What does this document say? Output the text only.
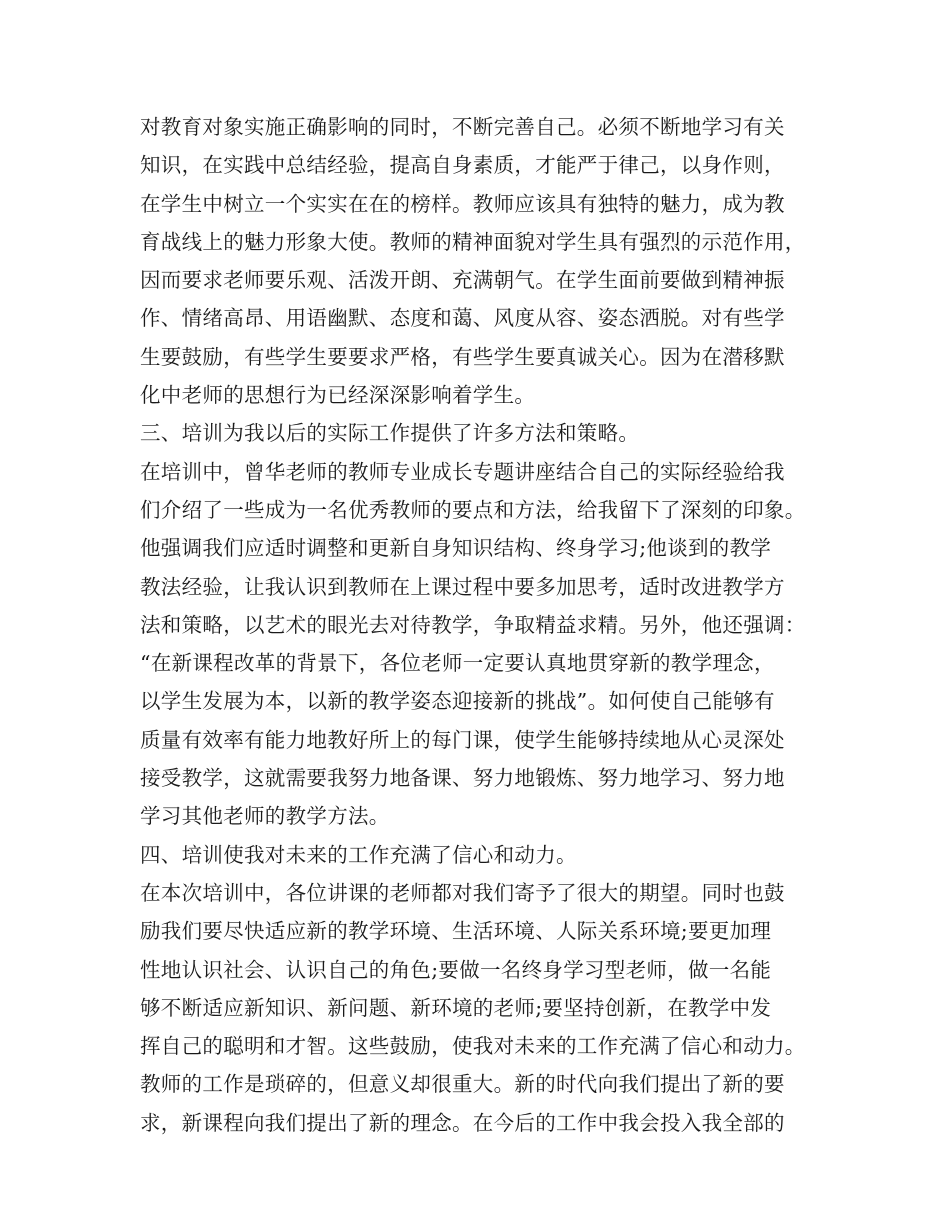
对教育对象实施正确影响的同时，不断完善自己。必须不断地学习有关
知识，在实践中总结经验，提高自身素质，才能严于律己，以身作则，
在学生中树立一个实实在在的榜样。教师应该具有独特的魅力，成为教
育战线上的魅力形象大使。教师的精神面貌对学生具有强烈的示范作用，
因而要求老师要乐观、活泼开朗、充满朝气。在学生面前要做到精神振
作、情绪高昂、用语幽默、态度和蔼、风度从容、姿态洒脱。对有些学
生要鼓励，有些学生要要求严格，有些学生要真诚关心。因为在潜移默
化中老师的思想行为已经深深影响着学生。
三、培训为我以后的实际工作提供了许多方法和策略。
在培训中，曾华老师的教师专业成长专题讲座结合自己的实际经验给我
们介绍了一些成为一名优秀教师的要点和方法，给我留下了深刻的印象。
他强调我们应适时调整和更新自身知识结构、终身学习;他谈到的教学
教法经验，让我认识到教师在上课过程中要多加思考，适时改进教学方
法和策略，以艺术的眼光去对待教学，争取精益求精。另外，他还强调：
“在新课程改革的背景下，各位老师一定要认真地贯穿新的教学理念，
以学生发展为本，以新的教学姿态迎接新的挑战”。如何使自己能够有
质量有效率有能力地教好所上的每门课，使学生能够持续地从心灵深处
接受教学，这就需要我努力地备课、努力地锻炼、努力地学习、努力地
学习其他老师的教学方法。
四、培训使我对未来的工作充满了信心和动力。
在本次培训中，各位讲课的老师都对我们寄予了很大的期望。同时也鼓
励我们要尽快适应新的教学环境、生活环境、人际关系环境;要更加理
性地认识社会、认识自己的角色;要做一名终身学习型老师，做一名能
够不断适应新知识、新问题、新环境的老师;要坚持创新，在教学中发
挥自己的聪明和才智。这些鼓励，使我对未来的工作充满了信心和动力。
教师的工作是琐碎的，但意义却很重大。新的时代向我们提出了新的要
求，新课程向我们提出了新的理念。在今后的工作中我会投入我全部的
